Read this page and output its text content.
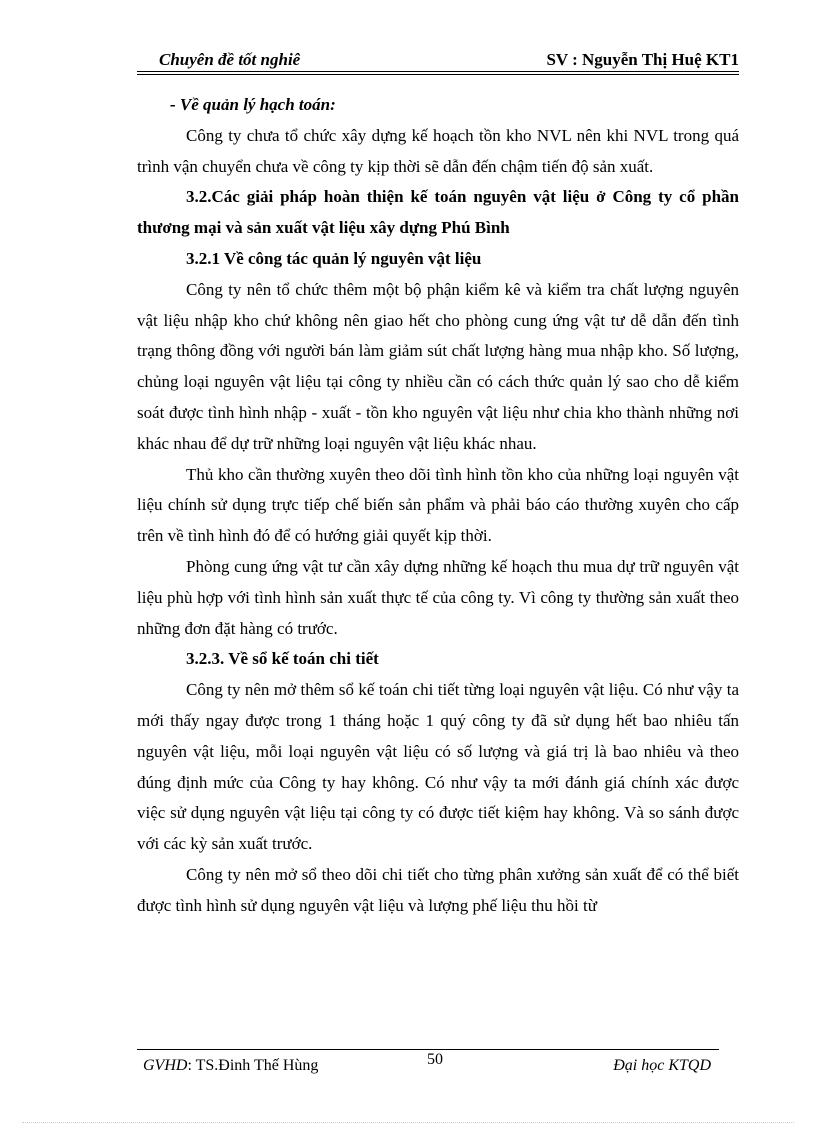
Chuyên đề tốt nghiê	SV : Nguyễn Thị Huệ KT1

- Về quản lý hạch toán:

Công ty chưa tổ chức xây dựng kế hoạch tồn kho NVL nên khi NVL trong quá trình vận chuyển chưa về công ty kịp thời sẽ dẫn đến chậm tiến độ sản xuất.

3.2.Các giải pháp hoàn thiện kế toán nguyên vật liệu ở Công ty cổ phần thương mại và sản xuất vật liệu xây dựng Phú Bình

3.2.1 Về công tác quản lý nguyên vật liệu

Công ty nên tổ chức thêm một bộ phận kiểm kê và kiểm tra chất lượng nguyên vật liệu nhập kho chứ không nên giao hết cho phòng cung ứng vật tư dễ dẫn đến tình trạng thông đồng với người bán làm giảm sút chất lượng hàng mua nhập kho. Số lượng, chủng loại nguyên vật liệu tại công ty nhiều cần có cách thức quản lý sao cho dễ kiểm soát được tình hình nhập - xuất - tồn kho nguyên vật liệu như chia kho thành những nơi khác nhau để dự trữ những loại nguyên vật liệu khác nhau.

Thủ kho cần thường xuyên theo dõi tình hình tồn kho của những loại nguyên vật liệu chính sử dụng trực tiếp chế biến sản phẩm và phải báo cáo thường xuyên cho cấp trên về tình hình đó để có hướng giải quyết kịp thời.

Phòng cung ứng vật tư cần xây dựng những kế hoạch thu mua dự trữ nguyên vật liệu phù hợp với tình hình sản xuất thực tế của công ty. Vì công ty thường sản xuất theo những đơn đặt hàng có trước.

3.2.3. Về sổ kế toán chi tiết

Công ty nên mở thêm sổ kế toán chi tiết từng loại nguyên vật liệu. Có như vậy ta mới thấy ngay được trong 1 tháng hoặc 1 quý công ty đã sử dụng hết bao nhiêu tấn nguyên vật liệu, mỗi loại nguyên vật liệu có số lượng và giá trị là bao nhiêu và theo đúng định mức của Công ty hay không. Có như vậy ta mới đánh giá chính xác được việc sử dụng nguyên vật liệu tại công ty có được tiết kiệm hay không. Và so sánh được với các kỳ sản xuất trước.

Công ty nên mở sổ theo dõi chi tiết cho từng phân xưởng sản xuất để có thể biết được tình hình sử dụng nguyên vật liệu và lượng phế liệu thu hồi từ

GVHD: TS.Đinh Thế Hùng	50	Đại học KTQD
